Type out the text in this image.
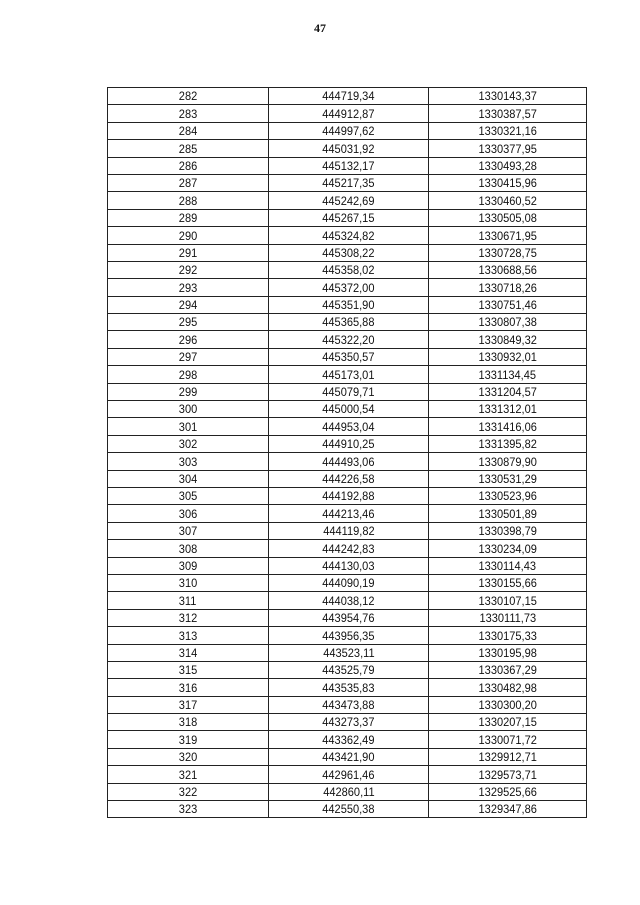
47
282	444719,34	1330143,37
283	444912,87	1330387,57
284	444997,62	1330321,16
285	445031,92	1330377,95
286	445132,17	1330493,28
287	445217,35	1330415,96
288	445242,69	1330460,52
289	445267,15	1330505,08
290	445324,82	1330671,95
291	445308,22	1330728,75
292	445358,02	1330688,56
293	445372,00	1330718,26
294	445351,90	1330751,46
295	445365,88	1330807,38
296	445322,20	1330849,32
297	445350,57	1330932,01
298	445173,01	1331134,45
299	445079,71	1331204,57
300	445000,54	1331312,01
301	444953,04	1331416,06
302	444910,25	1331395,82
303	444493,06	1330879,90
304	444226,58	1330531,29
305	444192,88	1330523,96
306	444213,46	1330501,89
307	444119,82	1330398,79
308	444242,83	1330234,09
309	444130,03	1330114,43
310	444090,19	1330155,66
311	444038,12	1330107,15
312	443954,76	1330111,73
313	443956,35	1330175,33
314	443523,11	1330195,98
315	443525,79	1330367,29
316	443535,83	1330482,98
317	443473,88	1330300,20
318	443273,37	1330207,15
319	443362,49	1330071,72
320	443421,90	1329912,71
321	442961,46	1329573,71
322	442860,11	1329525,66
323	442550,38	1329347,86
